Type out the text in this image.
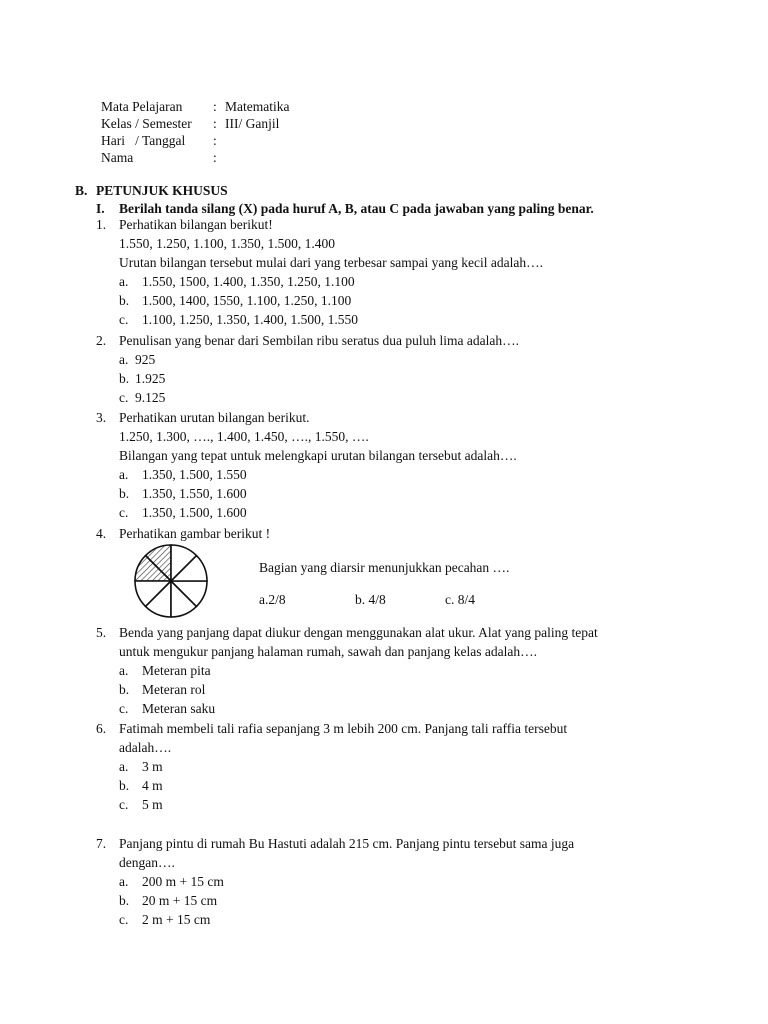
Mata Pelajaran	: Matematika
Kelas / Semester	: III/ Ganjil
Hari   / Tanggal	:
Nama	:
B. PETUNJUK KHUSUS
I.	Berilah tanda silang (X) pada huruf A, B, atau C pada jawaban yang paling benar.
1. Perhatikan bilangan berikut!
1.550, 1.250, 1.100, 1.350, 1.500, 1.400
Urutan bilangan tersebut mulai dari yang terbesar sampai yang kecil adalah….
a.	1.550, 1500, 1.400, 1.350, 1.250, 1.100
b. 1.500, 1400, 1550, 1.100, 1.250, 1.100
c.	1.100, 1.250, 1.350, 1.400, 1.500, 1.550
2. Penulisan yang benar dari Sembilan ribu seratus dua puluh lima adalah….
a. 925
b. 1.925
c. 9.125
3. Perhatikan urutan bilangan berikut.
1.250, 1.300, …., 1.400, 1.450, …., 1.550, ….
Bilangan yang tepat untuk melengkapi urutan bilangan tersebut adalah….
a.	1.350, 1.500, 1.550
b. 1.350, 1.550, 1.600
c.	1.350, 1.500, 1.600
4. Perhatikan gambar berikut !
Bagian yang diarsir menunjukkan pecahan ….
a.2/8	b. 4/8	c. 8/4
5. Benda yang panjang dapat diukur dengan menggunakan alat ukur. Alat yang paling tepat
untuk mengukur panjang halaman rumah, sawah dan panjang kelas adalah….
a.	Meteran pita
b. Meteran rol
c.	Meteran saku
6. Fatimah membeli tali rafia sepanjang 3 m lebih 200 cm. Panjang tali raffia tersebut
adalah….
a.	3 m
b. 4 m
c.	5 m
7. Panjang pintu di rumah Bu Hastuti adalah 215 cm. Panjang pintu tersebut sama juga
dengan….
a.	200 m + 15 cm
b. 20 m + 15 cm
c.	2 m + 15 cm
